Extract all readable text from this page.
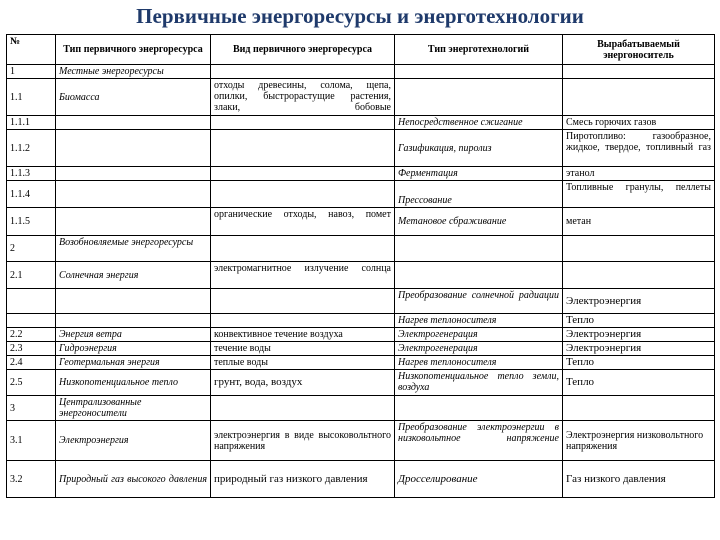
Первичные энергоресурсы и энерготехнологии
№	Тип первичного энергоресурса	Вид первичного энергоресурса	Тип энерготехнологий	Вырабатываемый энергоноситель
1	Местные энергоресурсы			
1.1	Биомасса	отходы древесины, солома, щепа, опилки, быстрорастущие растения, злаки, бобовые		
1.1.1			Непосредственное сжигание	Смесь горючих газов
1.1.2			Газификация, пиролиз	Пиротопливо: газообразное, жидкое, твердое, топливный газ
1.1.3			Ферментация	этанол
1.1.4			Прессование	Топливные гранулы, пеллеты
1.1.5		органические отходы, навоз, помет	Метановое сбраживание	метан
2	Возобновляемые энергоресурсы			
2.1	Солнечная энергия	электромагнитное излучение солнца		
			Преобразование солнечной радиации	Электроэнергия
			Нагрев теплоносителя	Тепло
2.2	Энергия ветра	конвективное течение воздуха	Электрогенерация	Электроэнергия
2.3	Гидроэнергия	течение воды	Электрогенерация	Электроэнергия
2.4	Геотермальная энергия	теплые воды	Нагрев теплоносителя	Тепло
2.5	Низкопотенциальное тепло	грунт, вода, воздух	Низкопотенциальное тепло земли, воздуха	Тепло
3	Централизованные энергоносители			
3.1	Электроэнергия	электроэнергия в виде высоковольтного напряжения	Преобразование электроэнергии в низковольтное напряжение	Электроэнергия низковольтного напряжения
3.2	Природный газ высокого давления	природный газ низкого давления	Дросселирование	Газ низкого давления
